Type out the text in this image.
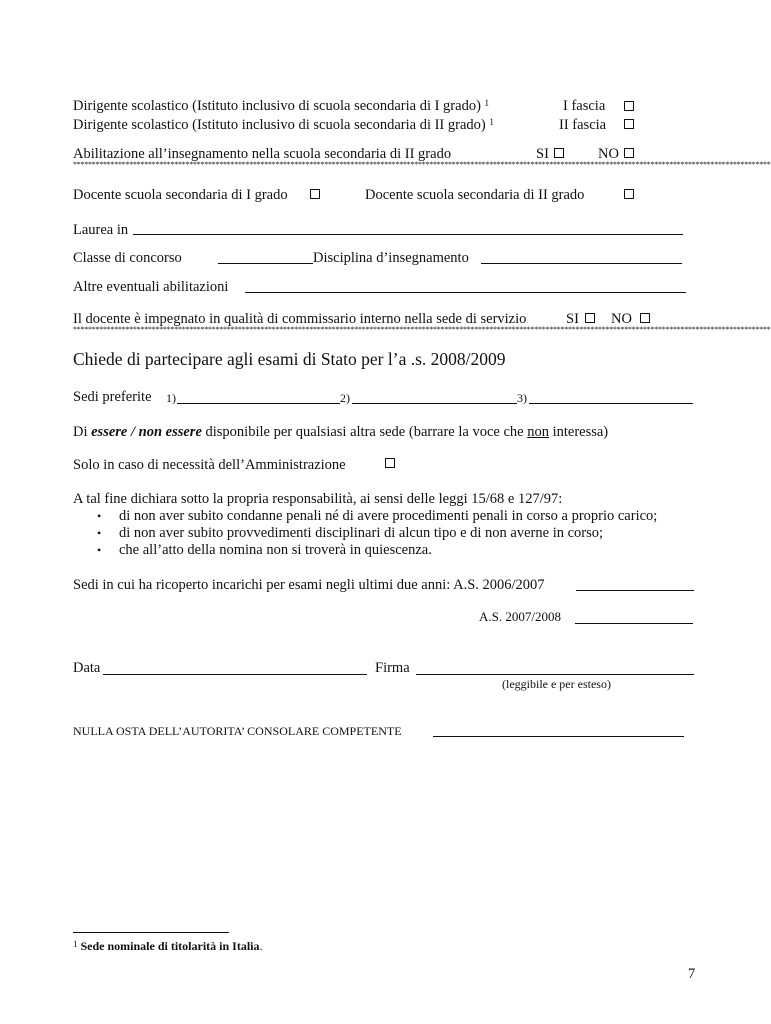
Dirigente scolastico (Istituto inclusivo di scuola secondaria di I grado) $^1$	I fascia
Dirigente scolastico (Istituto inclusivo di scuola secondaria di II grado) $^1$	II fascia
Abilitazione all’insegnamento nella scuola secondaria di II grado	SI	NO
******************************************************************************************************************************************************************************************
Docente scuola secondaria di I grado	Docente scuola secondaria di II grado
Laurea in
Classe di concorso	Disciplina d’insegnamento
Altre eventuali abilitazioni
Il docente è impegnato in qualità di commissario interno nella sede di servizio	SI NO
******************************************************************************************************************************************************************************************
Chiede di partecipare agli esami di Stato per l’a .s. 2008/2009
Sedi preferite 1)	2)	3)
Di essere / non essere disponibile per qualsiasi altra sede (barrare la voce che non interessa)
Solo in caso di necessità dell’Amministrazione
A tal fine dichiara sotto la propria responsabilità, ai sensi delle leggi 15/68 e 127/97:
• di non aver subito condanne penali né di avere procedimenti penali in corso a proprio carico;
• di non aver subito provvedimenti disciplinari di alcun tipo e di non averne in corso;
• che all’atto della nomina non si troverà in quiescenza.
Sedi in cui ha ricoperto incarichi per esami negli ultimi due anni: A.S. 2006/2007
A.S. 2007/2008
Data	Firma
(leggibile e per esteso)
NULLA OSTA DELL’AUTORITA’ CONSOLARE COMPETENTE
$^1$ Sede nominale di titolarità in Italia.
7
